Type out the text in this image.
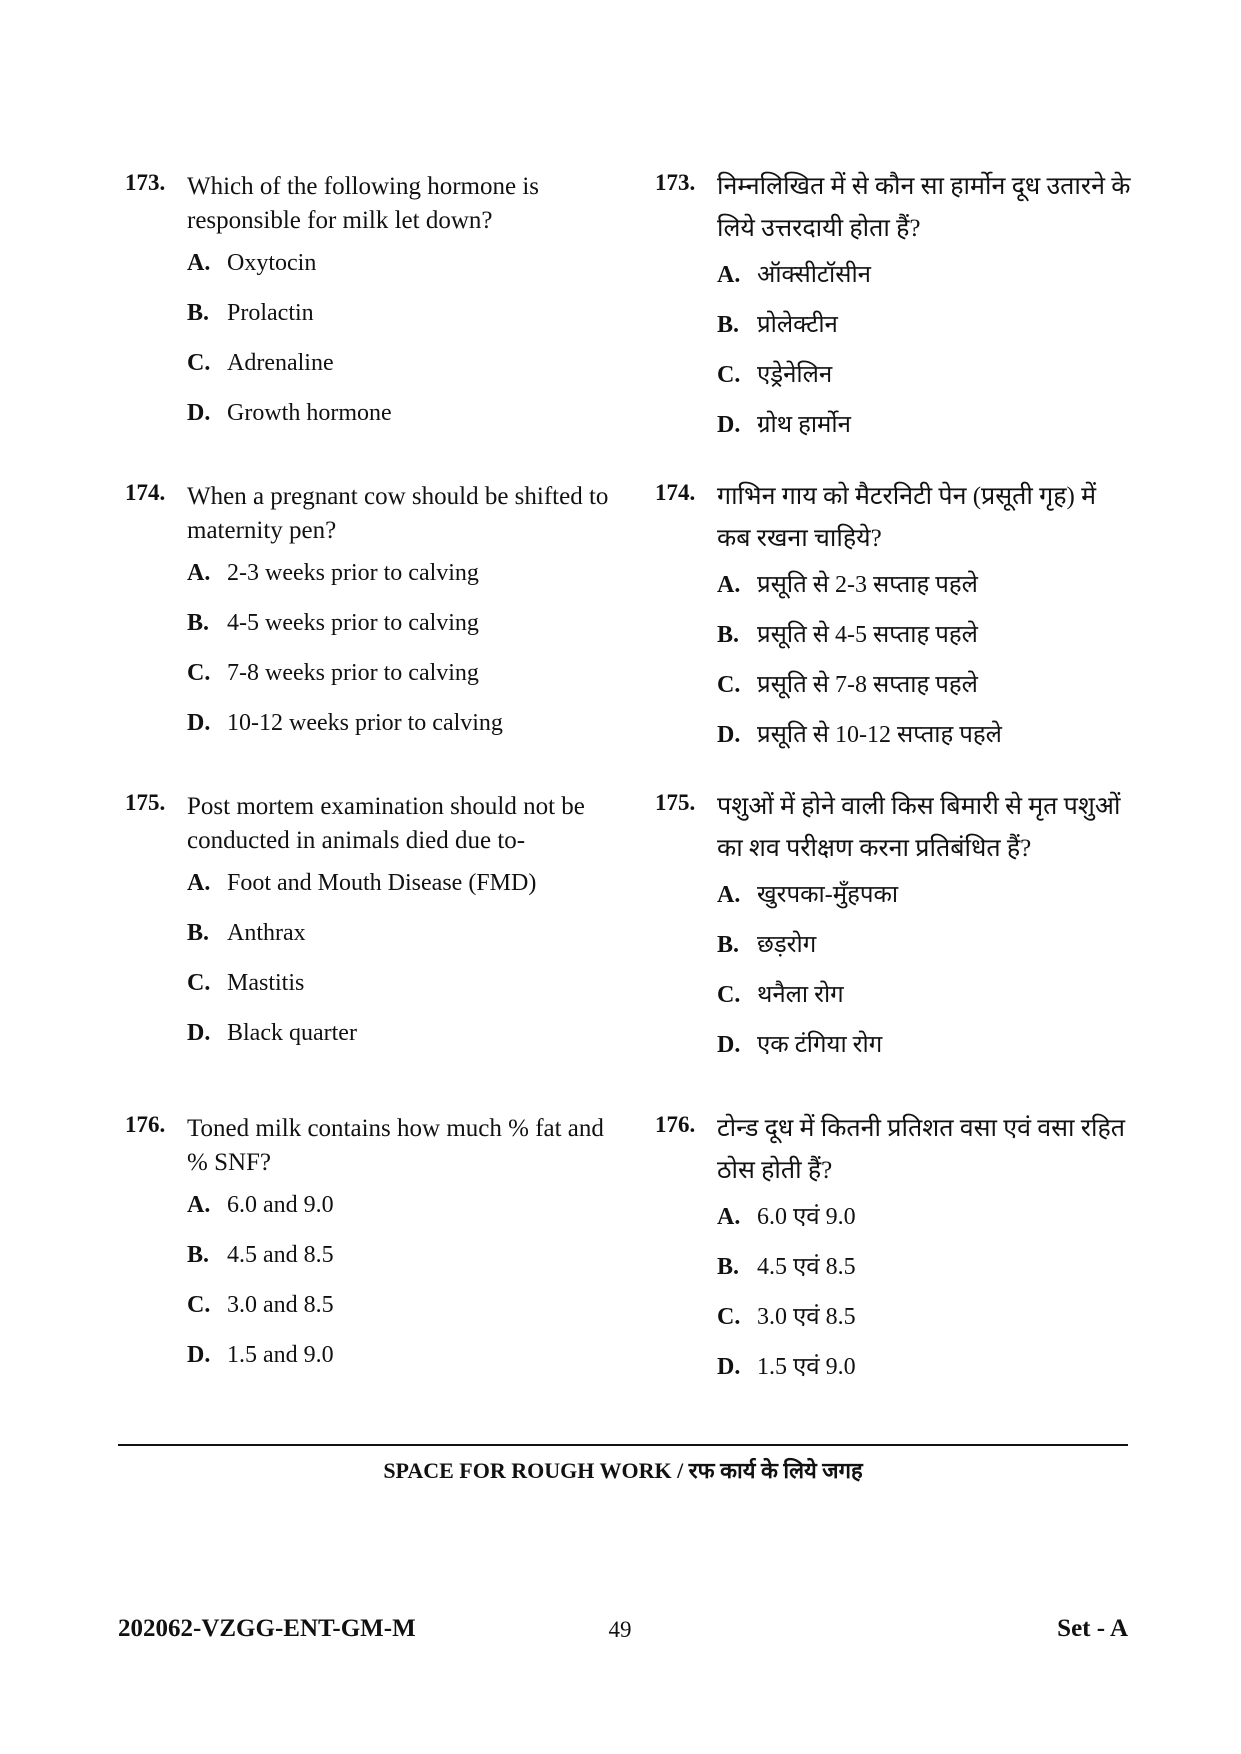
173. Which of the following hormone is responsible for milk let down?
A. Oxytocin
B. Prolactin
C. Adrenaline
D. Growth hormone
174. When a pregnant cow should be shifted to maternity pen?
A. 2-3 weeks prior to calving
B. 4-5 weeks prior to calving
C. 7-8 weeks prior to calving
D. 10-12 weeks prior to calving
175. Post mortem examination should not be conducted in animals died due to-
A. Foot and Mouth Disease (FMD)
B. Anthrax
C. Mastitis
D. Black quarter
176. Toned milk contains how much % fat and % SNF?
A. 6.0 and 9.0
B. 4.5 and 8.5
C. 3.0 and 8.5
D. 1.5 and 9.0
173. निम्नलिखित में से कौन सा हार्मोन दूध उतारने के लिये उत्तरदायी होता हैं?
A. ऑक्सीटॉसीन
B. प्रोलेक्टीन
C. एड्रेनेलिन
D. ग्रोथ हार्मोन
174. गाभिन गाय को मैटरनिटी पेन (प्रसूती गृह) में कब रखना चाहिये?
A. प्रसूति से 2-3 सप्ताह पहले
B. प्रसूति से 4-5 सप्ताह पहले
C. प्रसूति से 7-8 सप्ताह पहले
D. प्रसूति से 10-12 सप्ताह पहले
175. पशुओं में होने वाली किस बिमारी से मृत पशुओं का शव परीक्षण करना प्रतिबंधित हैं?
A. खुरपका-मुँहपका
B. छड़रोग
C. थनैला रोग
D. एक टंगिया रोग
176. टोन्ड दूध में कितनी प्रतिशत वसा एवं वसा रहित ठोस होती हैं?
A. 6.0 एवं 9.0
B. 4.5 एवं 8.5
C. 3.0 एवं 8.5
D. 1.5 एवं 9.0
SPACE FOR ROUGH WORK / रफ कार्य के लिये जगह
202062-VZGG-ENT-GM-M	49	Set - A
